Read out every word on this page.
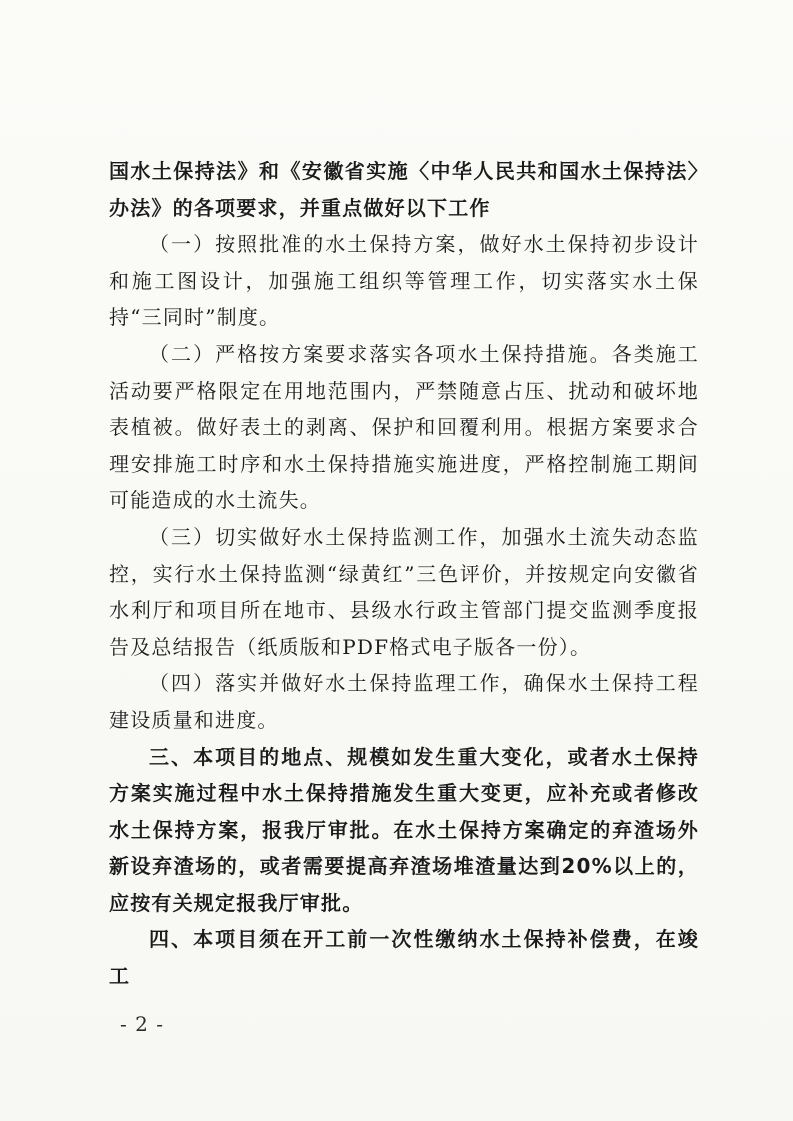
国水土保持法》和《安徽省实施〈中华人民共和国水土保持法〉办法》的各项要求，并重点做好以下工作

（一）按照批准的水土保持方案，做好水土保持初步设计和施工图设计，加强施工组织等管理工作，切实落实水土保持“三同时”制度。

（二）严格按方案要求落实各项水土保持措施。各类施工活动要严格限定在用地范围内，严禁随意占压、扰动和破坏地表植被。做好表土的剥离、保护和回覆利用。根据方案要求合理安排施工时序和水土保持措施实施进度，严格控制施工期间可能造成的水土流失。

（三）切实做好水土保持监测工作，加强水土流失动态监控，实行水土保持监测“绿黄红”三色评价，并按规定向安徽省水利厅和项目所在地市、县级水行政主管部门提交监测季度报告及总结报告（纸质版和PDF格式电子版各一份）。

（四）落实并做好水土保持监理工作，确保水土保持工程建设质量和进度。

三、本项目的地点、规模如发生重大变化，或者水土保持方案实施过程中水土保持措施发生重大变更，应补充或者修改水土保持方案，报我厅审批。在水土保持方案确定的弃渣场外新设弃渣场的，或者需要提高弃渣场堆渣量达到20%以上的，应按有关规定报我厅审批。

四、本项目须在开工前一次性缴纳水土保持补偿费，在竣工

- 2 -
